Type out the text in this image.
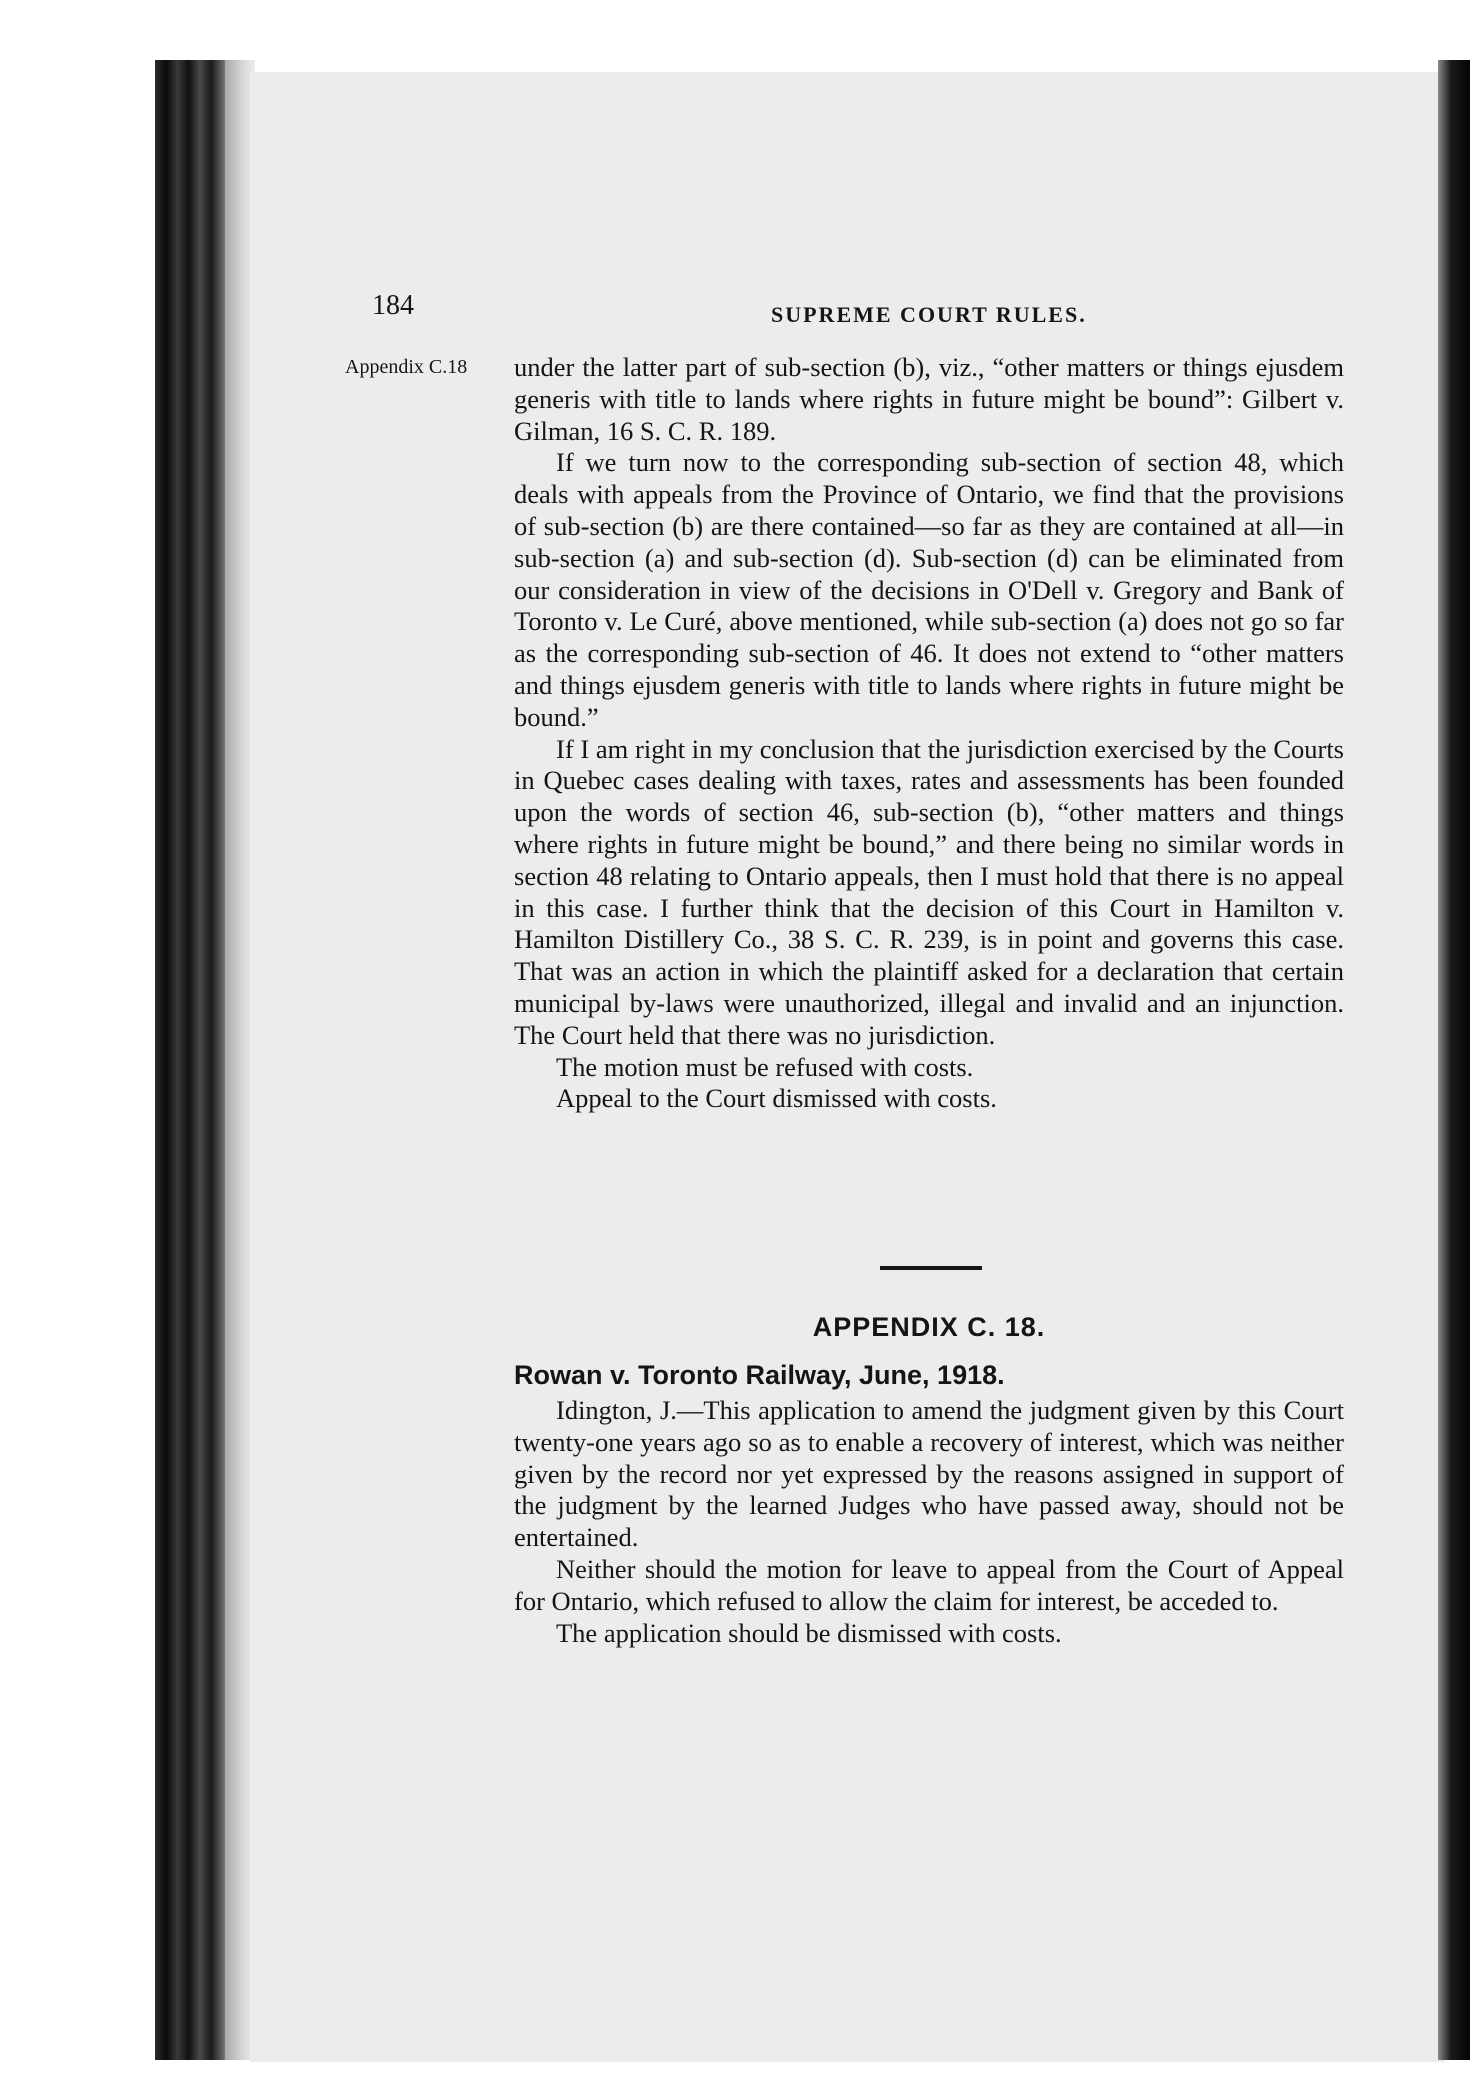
184	SUPREME COURT RULES.
Appendix C.18 under the latter part of sub-section (b), viz., “other matters or things ejusdem generis with title to lands where rights in future might be bound”: Gilbert v. Gilman, 16 S. C. R. 189.

If we turn now to the corresponding sub-section of section 48, which deals with appeals from the Province of Ontario, we find that the provisions of sub-section (b) are there contained—so far as they are contained at all—in sub-section (a) and sub-section (d). Sub-section (d) can be eliminated from our consideration in view of the decisions in O'Dell v. Gregory and Bank of Toronto v. Le Curé, above mentioned, while sub-section (a) does not go so far as the corresponding sub-section of 46. It does not extend to “other matters and things ejusdem generis with title to lands where rights in future might be bound.”

If I am right in my conclusion that the jurisdiction exercised by the Courts in Quebec cases dealing with taxes, rates and assessments has been founded upon the words of section 46, sub-section (b), “other matters and things where rights in future might be bound,” and there being no similar words in section 48 relating to Ontario appeals, then I must hold that there is no appeal in this case. I further think that the decision of this Court in Hamilton v. Hamilton Distillery Co., 38 S. C. R. 239, is in point and governs this case. That was an action in which the plaintiff asked for a declaration that certain municipal by-laws were unauthorized, illegal and invalid and an injunction. The Court held that there was no jurisdiction.

The motion must be refused with costs.

Appeal to the Court dismissed with costs.

APPENDIX C. 18.
Rowan v. Toronto Railway, June, 1918.

Idington, J.—This application to amend the judgment given by this Court twenty-one years ago so as to enable a recovery of interest, which was neither given by the record nor yet expressed by the reasons assigned in support of the judgment by the learned Judges who have passed away, should not be entertained.

Neither should the motion for leave to appeal from the Court of Appeal for Ontario, which refused to allow the claim for interest, be acceded to.

The application should be dismissed with costs.
